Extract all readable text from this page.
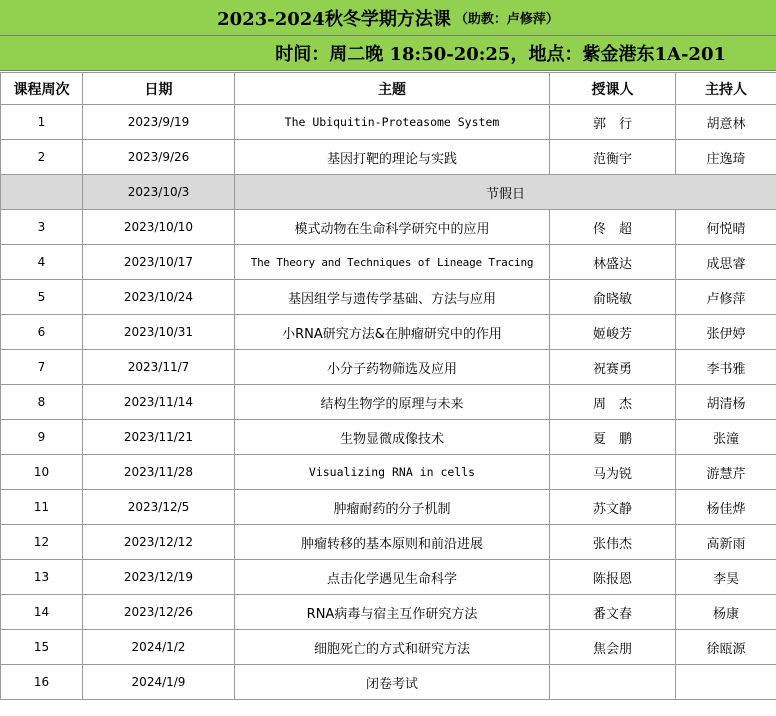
2023-2024秋冬学期方法课 （助教：卢修萍）
时间：周二晚 18:50-20:25，地点：紫金港东1A-201
课程周次	日期	主题	授课人	主持人
1	2023/9/19	The Ubiquitin-Proteasome System	郭　行	胡意林
2	2023/9/26	基因打靶的理论与实践	范衡宇	庄逸琦
	2023/10/3	节假日		
3	2023/10/10	模式动物在生命科学研究中的应用	佟　超	何悦晴
4	2023/10/17	The Theory and Techniques of Lineage Tracing	林盛达	成思睿
5	2023/10/24	基因组学与遗传学基础、方法与应用	俞晓敏	卢修萍
6	2023/10/31	小RNA研究方法&在肿瘤研究中的作用	姬峻芳	张伊婷
7	2023/11/7	小分子药物筛选及应用	祝赛勇	李书雅
8	2023/11/14	结构生物学的原理与未来	周　杰	胡清杨
9	2023/11/21	生物显微成像技术	夏　鹏	张潼
10	2023/11/28	Visualizing RNA in cells	马为锐	游慧芹
11	2023/12/5	肿瘤耐药的分子机制	苏文静	杨佳烨
12	2023/12/12	肿瘤转移的基本原则和前沿进展	张伟杰	高新雨
13	2023/12/19	点击化学遇见生命科学	陈报恩	李昊
14	2023/12/26	RNA病毒与宿主互作研究方法	番文春	杨康
15	2024/1/2	细胞死亡的方式和研究方法	焦会朋	徐瓯源
16	2024/1/9	闭卷考试		
